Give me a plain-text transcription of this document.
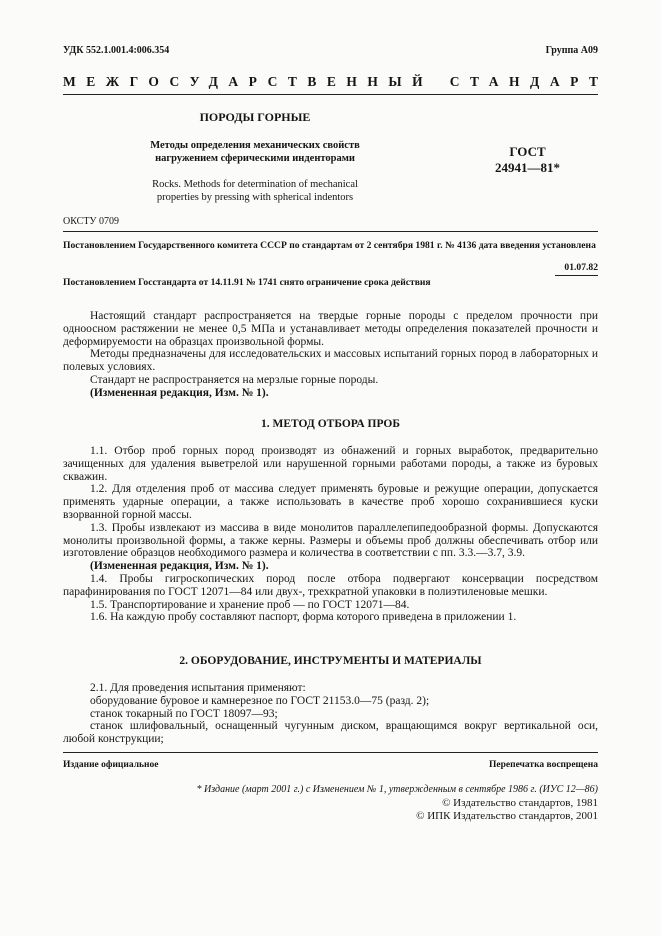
УДК 552.1.001.4:006.354	Группа А09
МЕЖГОСУДАРСТВЕННЫЙ СТАНДАРТ
ПОРОДЫ ГОРНЫЕ
Методы определения механических свойств
нагружением сферическими инденторами
Rocks. Methods for determination of mechanical
properties by pressing with spherical indentors
ГОСТ
24941—81*
ОКСТУ 0709
Постановлением Государственного комитета СССР по стандартам от 2 сентября 1981 г. № 4136 дата введения установлена
01.07.82
Постановлением Госстандарта от 14.11.91 № 1741 снято ограничение срока действия

Настоящий стандарт распространяется на твердые горные породы с пределом прочности при одноосном растяжении не менее 0,5 МПа и устанавливает методы определения показателей прочности и деформируемости на образцах произвольной формы.

Методы предназначены для исследовательских и массовых испытаний горных пород в лабораторных и полевых условиях.

Стандарт не распространяется на мерзлые горные породы.

(Измененная редакция, Изм. № 1).

1. МЕТОД ОТБОРА ПРОБ

1.1. Отбор проб горных пород производят из обнажений и горных выработок, предварительно зачищенных для удаления выветрелой или нарушенной горными работами породы, а также из буровых скважин.

1.2. Для отделения проб от массива следует применять буровые и режущие операции, допускается применять ударные операции, а также использовать в качестве проб хорошо сохранившиеся куски взорванной горной массы.

1.3. Пробы извлекают из массива в виде монолитов параллелепипедообразной формы. Допускаются монолиты произвольной формы, а также керны. Размеры и объемы проб должны обеспечивать отбор или изготовление образцов необходимого размера и количества в соответствии с пп. 3.3.—3.7, 3.9.

(Измененная редакция, Изм. № 1).

1.4. Пробы гигроскопических пород после отбора подвергают консервации посредством парафинирования по ГОСТ 12071—84 или двух-, трехкратной упаковки в полиэтиленовые мешки.

1.5. Транспортирование и хранение проб — по ГОСТ 12071—84.

1.6. На каждую пробу составляют паспорт, форма которого приведена в приложении 1.

2. ОБОРУДОВАНИЕ, ИНСТРУМЕНТЫ И МАТЕРИАЛЫ

2.1. Для проведения испытания применяют:

оборудование буровое и камнерезное по ГОСТ 21153.0—75 (разд. 2);

станок токарный по ГОСТ 18097—93;

станок шлифовальный, оснащенный чугунным диском, вращающимся вокруг вертикальной оси, любой конструкции;

Издание официальное	Перепечатка воспрещена
* Издание (март 2001 г.) с Изменением № 1, утвержденным в сентябре 1986 г. (ИУС 12—86)
© Издательство стандартов, 1981
© ИПК Издательство стандартов, 2001
